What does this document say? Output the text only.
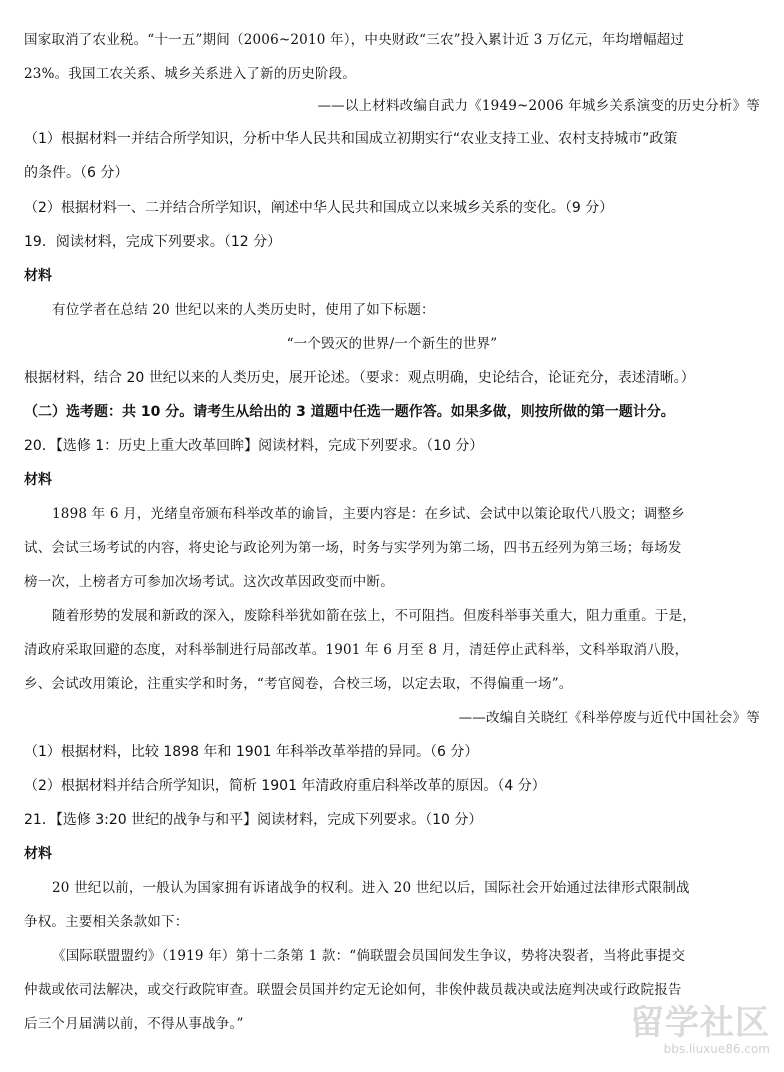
国家取消了农业税。“十一五”期间（2006~2010 年），中央财政“三农”投入累计近 3 万亿元，年均增幅超过
23%。我国工农关系、城乡关系进入了新的历史阶段。
——以上材料改编自武力《1949~2006 年城乡关系演变的历史分析》等
（1）根据材料一并结合所学知识，分析中华人民共和国成立初期实行“农业支持工业、农村支持城市”政策
的条件。（6 分）
（2）根据材料一、二并结合所学知识，阐述中华人民共和国成立以来城乡关系的变化。（9 分）
19．阅读材料，完成下列要求。（12 分）
材料
有位学者在总结 20 世纪以来的人类历史时，使用了如下标题：
“一个毁灭的世界/一个新生的世界”
根据材料，结合 20 世纪以来的人类历史，展开论述。（要求：观点明确，史论结合，论证充分，表述清晰。）
（二）选考题：共 10 分。请考生从给出的 3 道题中任选一题作答。如果多做，则按所做的第一题计分。
20．【选修 1：历史上重大改革回眸】阅读材料，完成下列要求。（10 分）
材料
1898 年 6 月，光绪皇帝颁布科举改革的谕旨，主要内容是：在乡试、会试中以策论取代八股文；调整乡
试、会试三场考试的内容，将史论与政论列为第一场，时务与实学列为第二场，四书五经列为第三场；每场发
榜一次，上榜者方可参加次场考试。这次改革因政变而中断。
随着形势的发展和新政的深入，废除科举犹如箭在弦上，不可阻挡。但废科举事关重大，阻力重重。于是，
清政府采取回避的态度，对科举制进行局部改革。1901 年 6 月至 8 月，清廷停止武科举，文科举取消八股，
乡、会试改用策论，注重实学和时务，“考官阅卷，合校三场，以定去取，不得偏重一场”。
——改编自关晓红《科举停废与近代中国社会》等
（1）根据材料，比较 1898 年和 1901 年科举改革举措的异同。（6 分）
（2）根据材料并结合所学知识，简析 1901 年清政府重启科举改革的原因。（4 分）
21．【选修 3:20 世纪的战争与和平】阅读材料，完成下列要求。（10 分）
材料
20 世纪以前，一般认为国家拥有诉诸战争的权利。进入 20 世纪以后，国际社会开始通过法律形式限制战
争权。主要相关条款如下：
《国际联盟盟约》（1919 年）第十二条第 1 款：“倘联盟会员国间发生争议，势将决裂者，当将此事提交
仲裁或依司法解决，或交行政院审查。联盟会员国并约定无论如何，非俟仲裁员裁决或法庭判决或行政院报告
后三个月届满以前，不得从事战争。”	留学社区
bbs.liuxue86.com
